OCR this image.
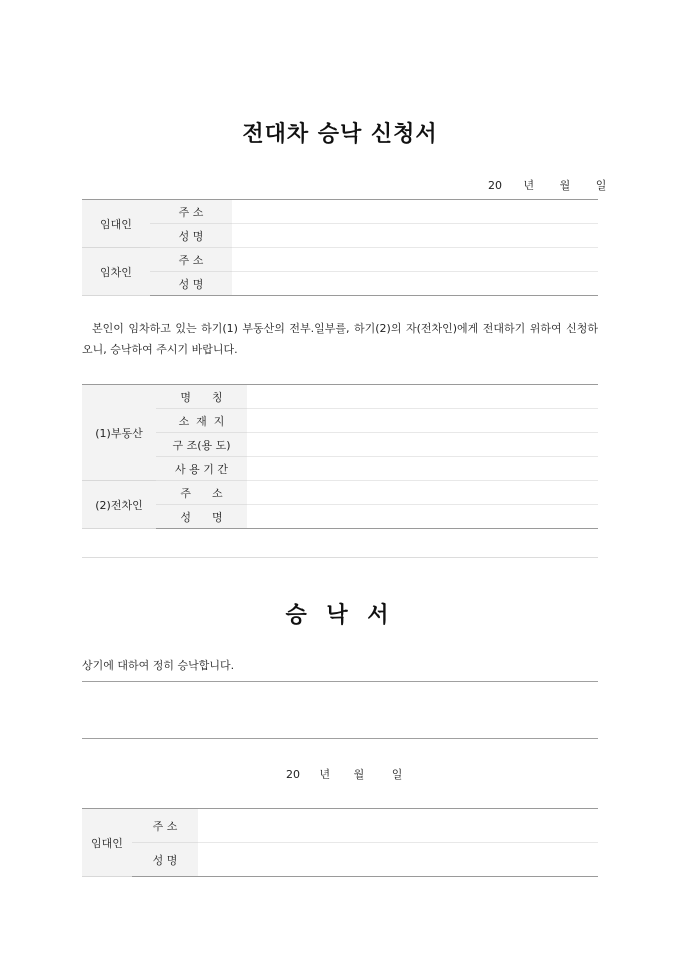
전대차 승낙 신청서
20 년 월 일
임대인	주 소	
	성 명	
임차인	주 소	
	성 명	
본인이 임차하고 있는 하기(1) 부동산의 전부.일부를, 하기(2)의 자(전차인)에게 전대하기 위하여 신청하오니, 승낙하여 주시기 바랍니다.
(1)부동산	명      칭	
	소  재  지	
	구 조(용 도)	
	사 용 기 간	
(2)전차인	주      소	
	성      명	
승 낙 서
상기에 대하여 정히 승낙합니다.
20 년 월	일
임대인	주 소	
	성 명	
